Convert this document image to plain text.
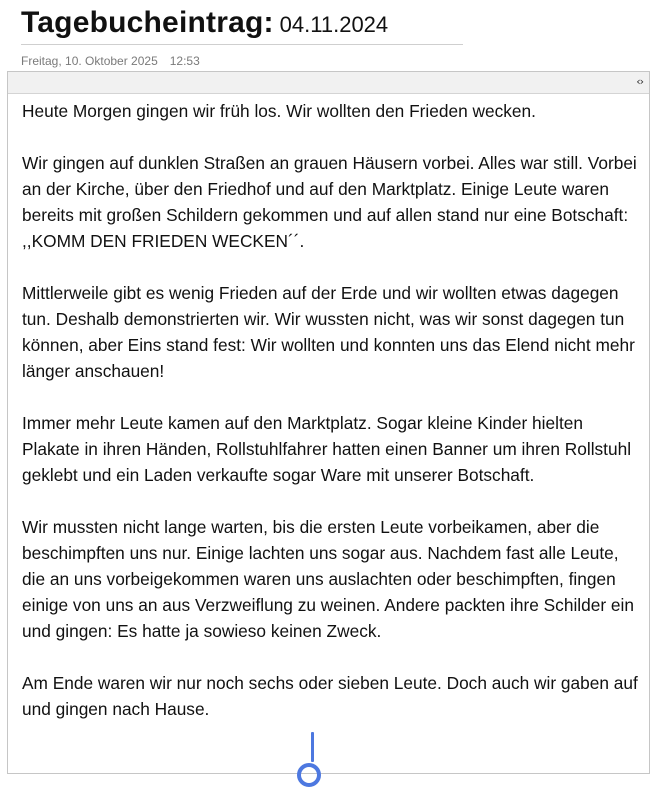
Tagebucheintrag: 04.11.2024
Freitag, 10. Oktober 2025 12:53
‹›

Heute Morgen gingen wir früh los. Wir wollten den Frieden wecken.

Wir gingen auf dunklen Straßen an grauen Häusern vorbei. Alles war still. Vorbei an der Kirche, über den Friedhof und auf den Marktplatz. Einige Leute waren bereits mit großen Schildern gekommen und auf allen stand nur eine Botschaft: ,,KOMM DEN FRIEDEN WECKEN´´.

Mittlerweile gibt es wenig Frieden auf der Erde und wir wollten etwas dagegen tun. Deshalb demonstrierten wir. Wir wussten nicht, was wir sonst dagegen tun können, aber Eins stand fest: Wir wollten und konnten uns das Elend nicht mehr länger anschauen!

Immer mehr Leute kamen auf den Marktplatz. Sogar kleine Kinder hielten Plakate in ihren Händen, Rollstuhlfahrer hatten einen Banner um ihren Rollstuhl geklebt und ein Laden verkaufte sogar Ware mit unserer Botschaft.

Wir mussten nicht lange warten, bis die ersten Leute vorbeikamen, aber die beschimpften uns nur. Einige lachten uns sogar aus. Nachdem fast alle Leute, die an uns vorbeigekommen waren uns auslachten oder beschimpften, fingen einige von uns an aus Verzweiflung zu weinen. Andere packten ihre Schilder ein und gingen: Es hatte ja sowieso keinen Zweck.

Am Ende waren wir nur noch sechs oder sieben Leute. Doch auch wir gaben auf und gingen nach Hause.
